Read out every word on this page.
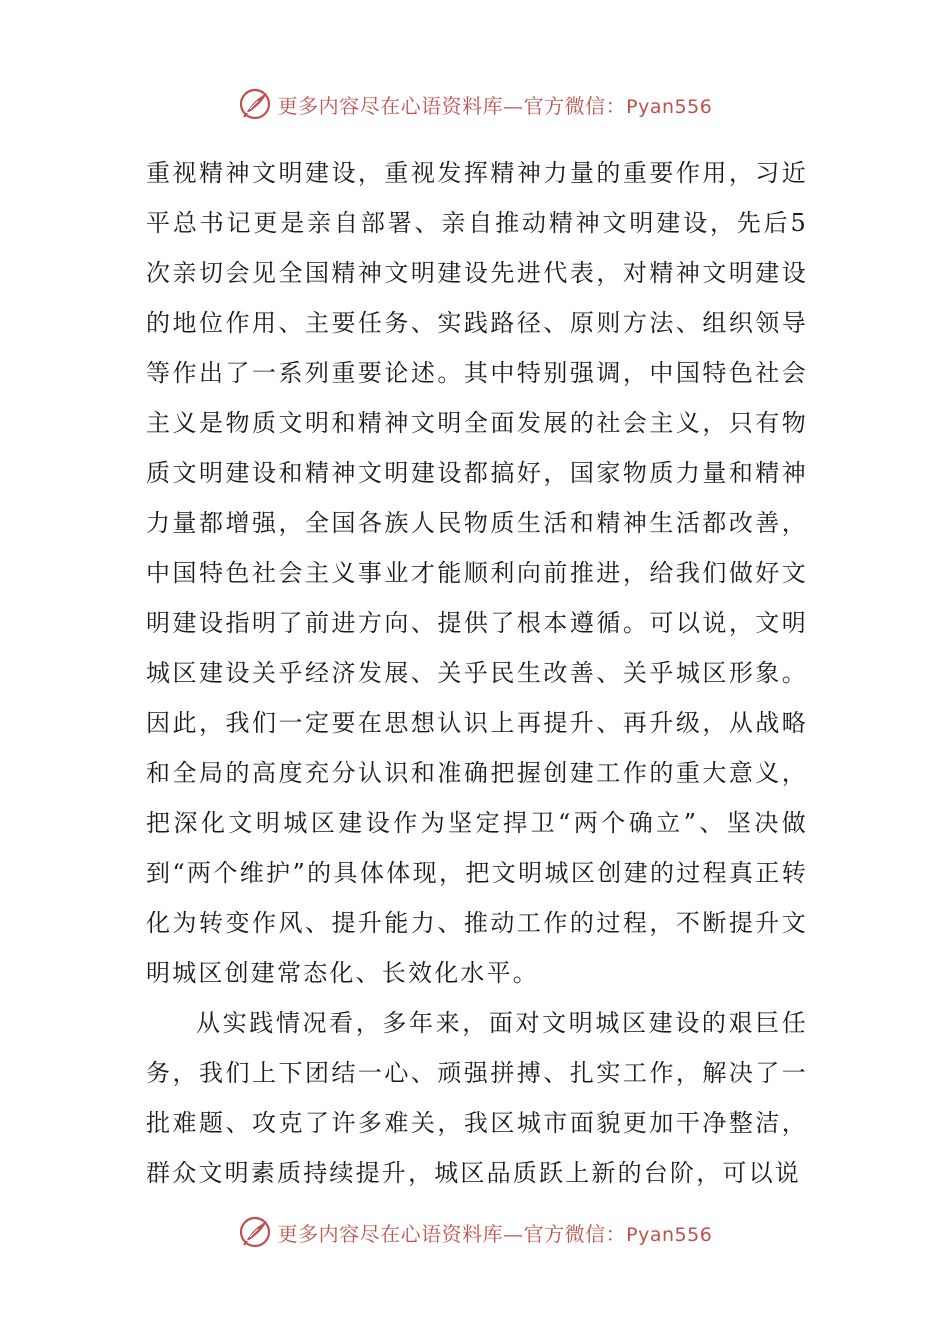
更多内容尽在心语资料库—官方微信：Pyan556

重视精神文明建设，重视发挥精神力量的重要作用，习近平总书记更是亲自部署、亲自推动精神文明建设，先后5次亲切会见全国精神文明建设先进代表，对精神文明建设的地位作用、主要任务、实践路径、原则方法、组织领导等作出了一系列重要论述。其中特别强调，中国特色社会主义是物质文明和精神文明全面发展的社会主义，只有物质文明建设和精神文明建设都搞好，国家物质力量和精神力量都增强，全国各族人民物质生活和精神生活都改善，中国特色社会主义事业才能顺利向前推进，给我们做好文明建设指明了前进方向、提供了根本遵循。可以说，文明城区建设关乎经济发展、关乎民生改善、关乎城区形象。因此，我们一定要在思想认识上再提升、再升级，从战略和全局的高度充分认识和准确把握创建工作的重大意义，把深化文明城区建设作为坚定捍卫“两个确立”、坚决做到“两个维护”的具体体现，把文明城区创建的过程真正转化为转变作风、提升能力、推动工作的过程，不断提升文明城区创建常态化、长效化水平。

从实践情况看，多年来，面对文明城区建设的艰巨任务，我们上下团结一心、顽强拼搏、扎实工作，解决了一批难题、攻克了许多难关，我区城市面貌更加干净整洁，群众文明素质持续提升，城区品质跃上新的台阶，可以说

更多内容尽在心语资料库—官方微信：Pyan556
